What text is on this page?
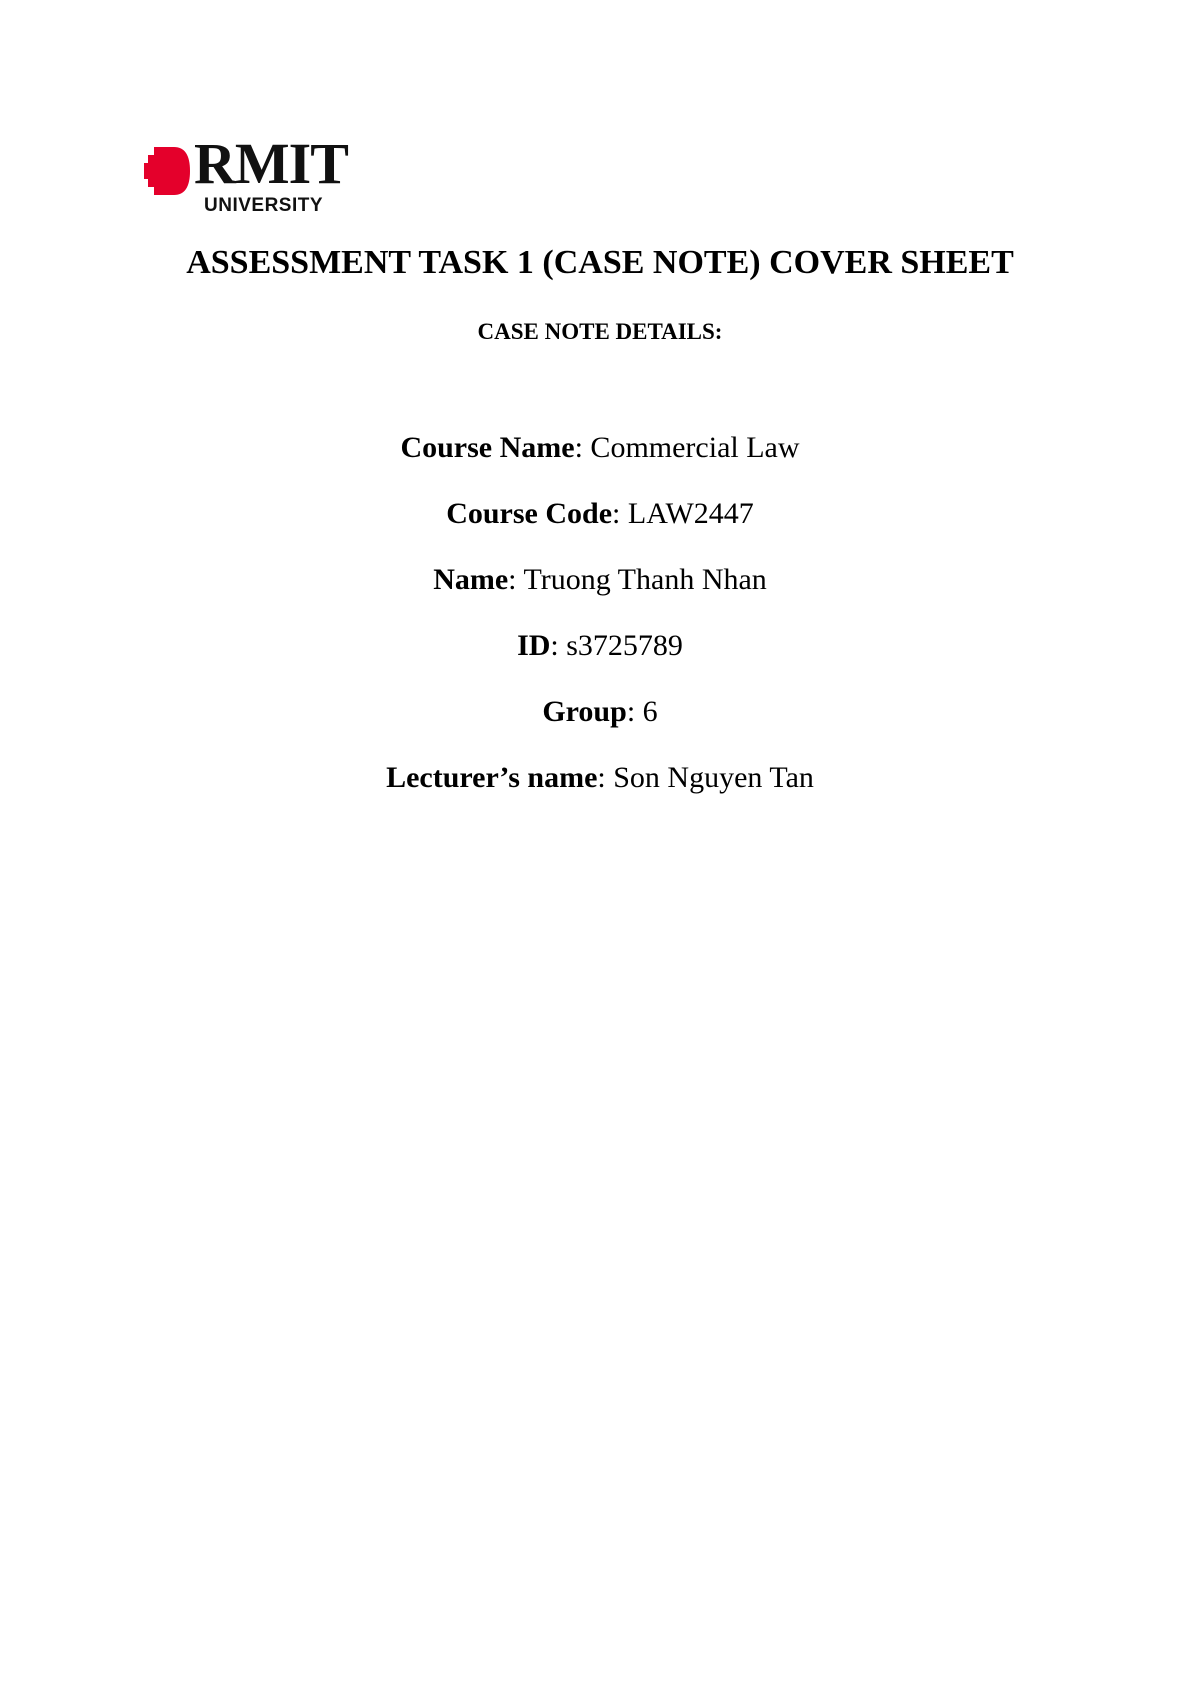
RMIT
UNIVERSITY
ASSESSMENT TASK 1 (CASE NOTE) COVER SHEET
CASE NOTE DETAILS:
Course Name: Commercial Law
Course Code: LAW2447
Name: Truong Thanh Nhan
ID: s3725789
Group: 6
Lecturer’s name: Son Nguyen Tan
